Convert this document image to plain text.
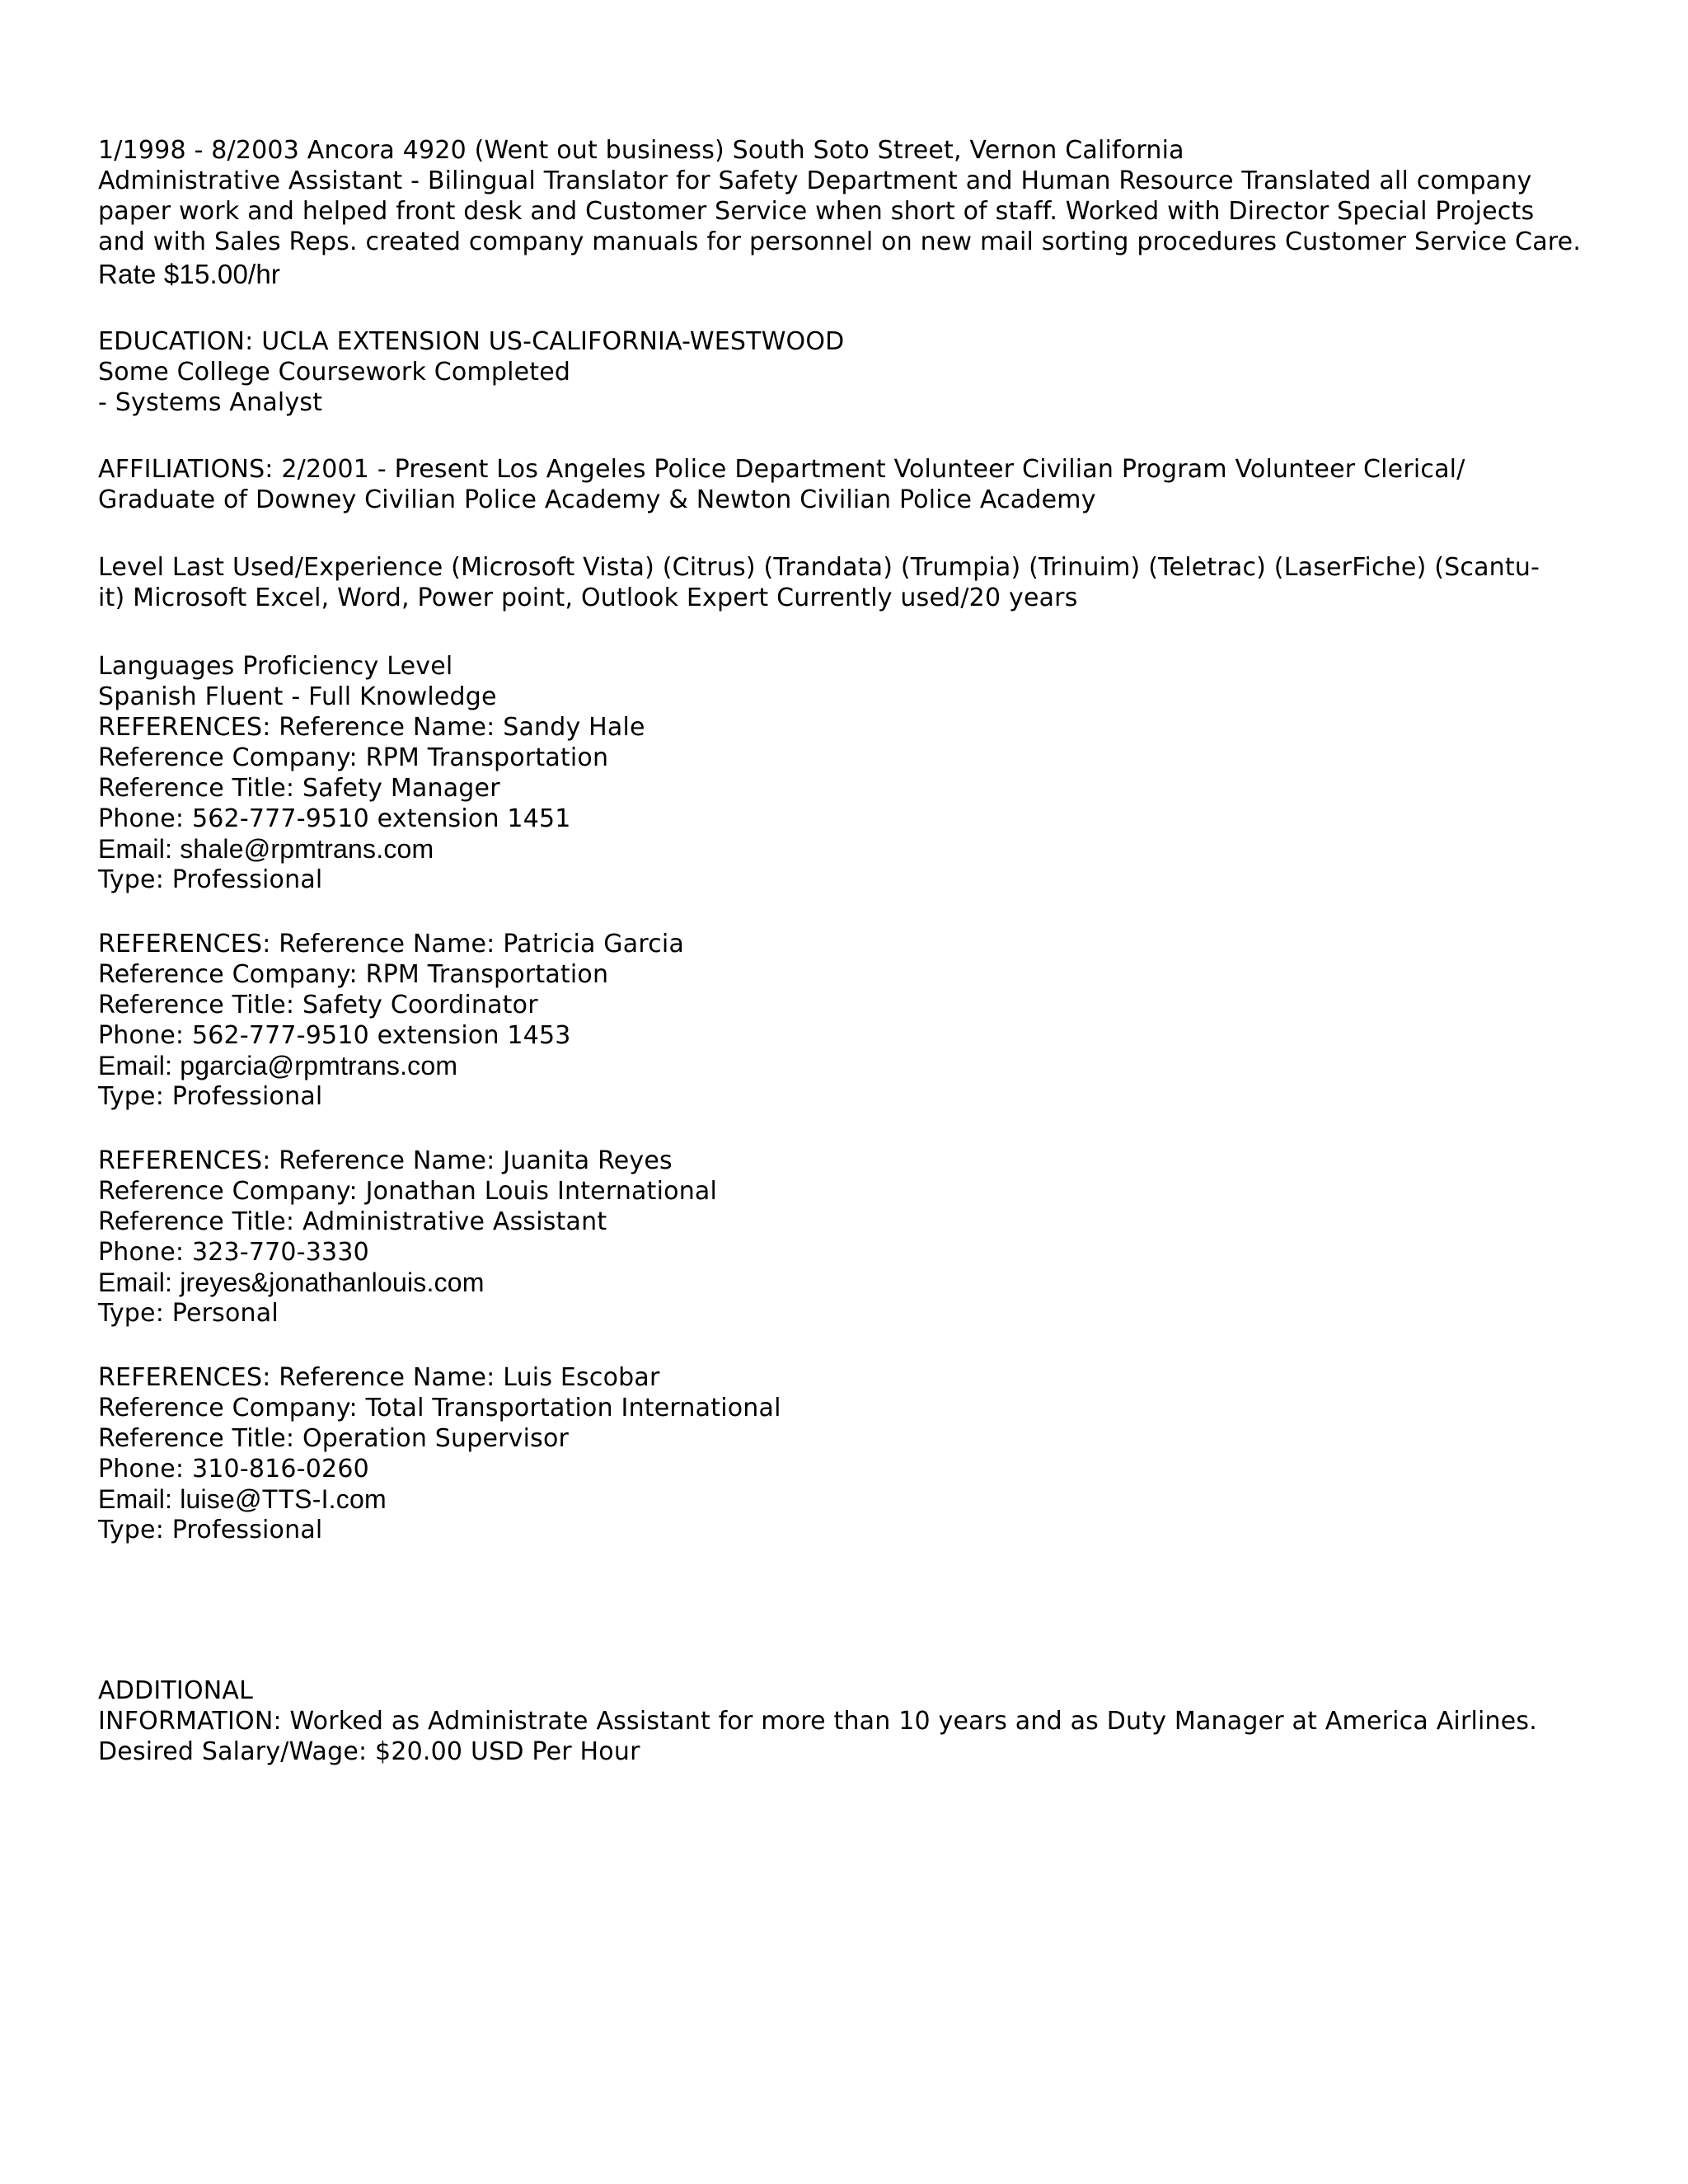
1/1998 - 8/2003 Ancora 4920 (Went out business) South Soto Street, Vernon California
Administrative Assistant - Bilingual Translator for Safety Department and Human Resource Translated all company
paper work and helped front desk and Customer Service when short of staff. Worked with Director Special Projects
and with Sales Reps. created company manuals for personnel on new mail sorting procedures Customer Service Care.
Rate $15.00/hr
EDUCATION: UCLA EXTENSION US-CALIFORNIA-WESTWOOD
Some College Coursework Completed
- Systems Analyst
AFFILIATIONS: 2/2001 - Present Los Angeles Police Department Volunteer Civilian Program Volunteer Clerical/
Graduate of Downey Civilian Police Academy & Newton Civilian Police Academy
Level Last Used/Experience (Microsoft Vista) (Citrus) (Trandata) (Trumpia) (Trinuim) (Teletrac) (LaserFiche) (Scantu-
it) Microsoft Excel, Word, Power point, Outlook Expert Currently used/20 years
Languages Proficiency Level
Spanish Fluent - Full Knowledge
REFERENCES: Reference Name: Sandy Hale
Reference Company: RPM Transportation
Reference Title: Safety Manager
Phone: 562-777-9510 extension 1451
Email: shale@rpmtrans.com
Type: Professional
REFERENCES: Reference Name: Patricia Garcia
Reference Company: RPM Transportation
Reference Title: Safety Coordinator
Phone: 562-777-9510 extension 1453
Email: pgarcia@rpmtrans.com
Type: Professional
REFERENCES: Reference Name: Juanita Reyes
Reference Company: Jonathan Louis International
Reference Title: Administrative Assistant
Phone: 323-770-3330
Email: jreyes&jonathanlouis.com
Type: Personal
REFERENCES: Reference Name: Luis Escobar
Reference Company: Total Transportation International
Reference Title: Operation Supervisor
Phone: 310-816-0260
Email: luise@TTS-I.com
Type: Professional
ADDITIONAL
INFORMATION: Worked as Administrate Assistant for more than 10 years and as Duty Manager at America Airlines.
Desired Salary/Wage: $20.00 USD Per Hour
